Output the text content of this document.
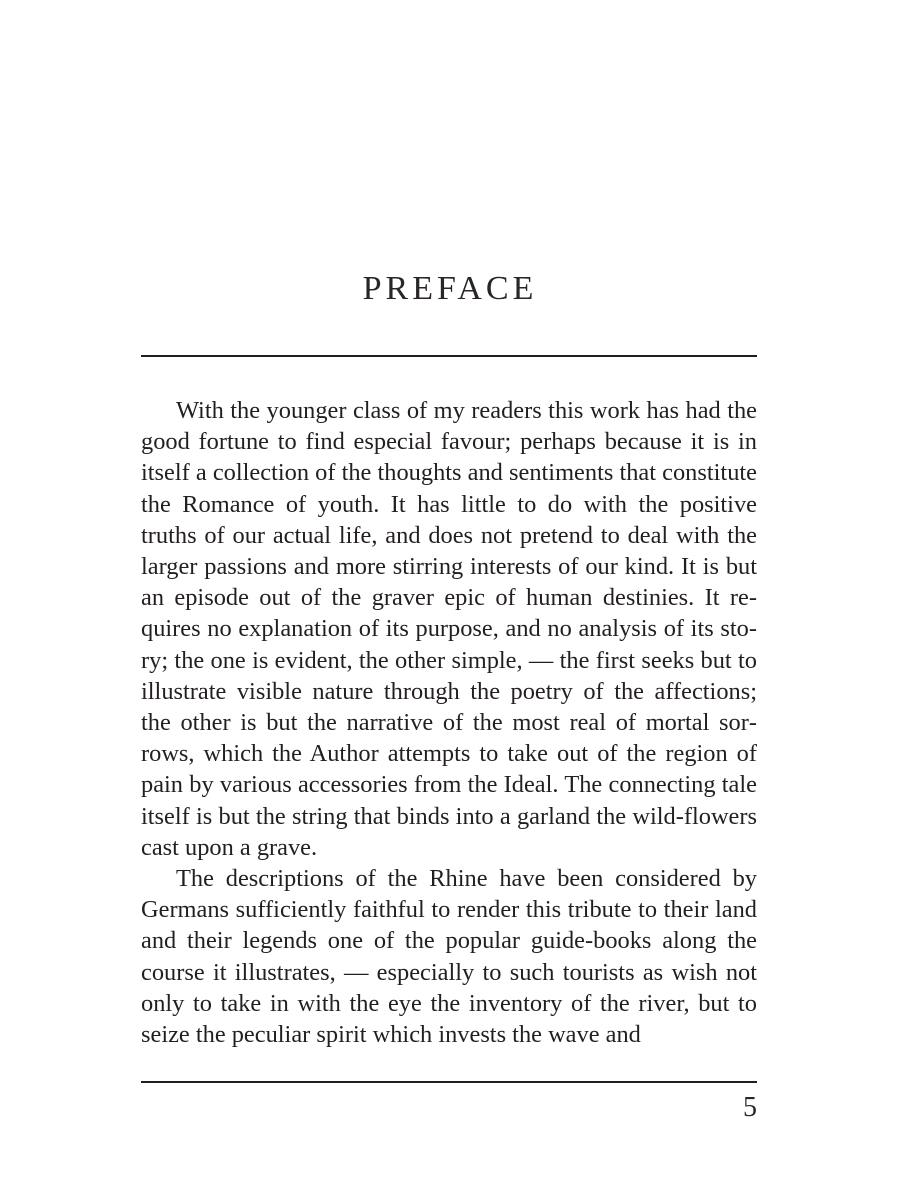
PREFACE

With the younger class of my readers this work has had the good fortune to find especial favour; perhaps because it is in itself a collection of the thoughts and sentiments that constitute the Romance of youth. It has little to do with the positive truths of our actual life, and does not pretend to deal with the larger passions and more stirring interests of our kind. It is but an episode out of the graver epic of human destinies. It requires no explanation of its purpose, and no analysis of its story; the one is evident, the other simple, — the first seeks but to illustrate visible nature through the poetry of the affections; the other is but the narrative of the most real of mortal sorrows, which the Author attempts to take out of the region of pain by various accessories from the Ideal. The connecting tale itself is but the string that binds into a garland the wild-flowers cast upon a grave.

The descriptions of the Rhine have been considered by Germans sufficiently faithful to render this tribute to their land and their legends one of the popular guide-books along the course it illustrates, — especially to such tourists as wish not only to take in with the eye the inventory of the river, but to seize the peculiar spirit which invests the wave and

5
